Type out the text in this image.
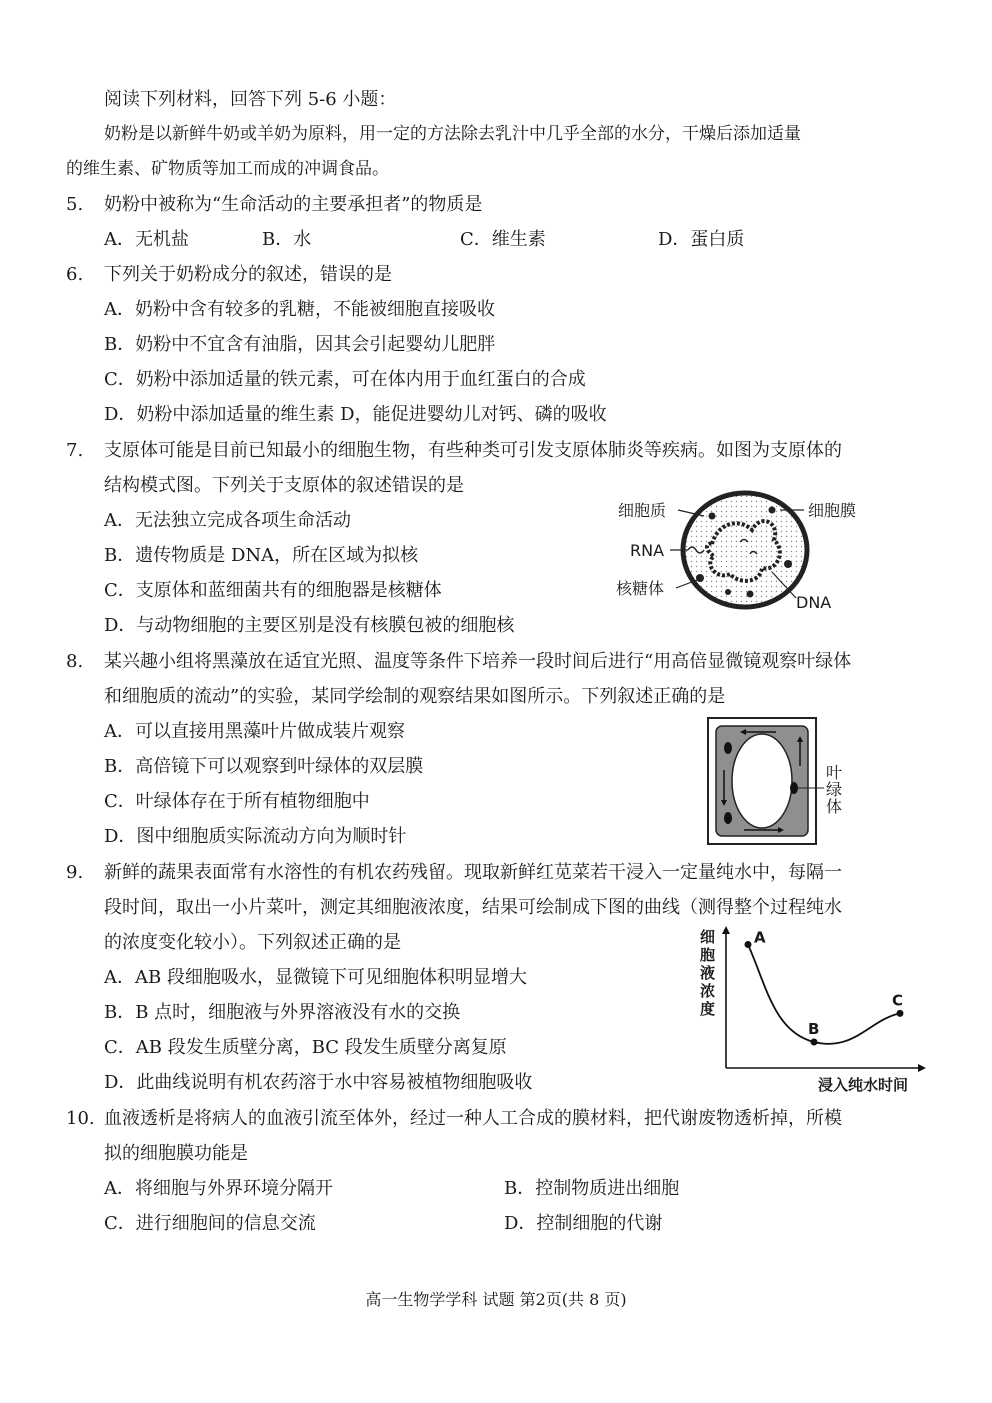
阅读下列材料，回答下列 5-6 小题：
奶粉是以新鲜牛奶或羊奶为原料，用一定的方法除去乳汁中几乎全部的水分，干燥后添加适量
的维生素、矿物质等加工而成的冲调食品。
5. 奶粉中被称为“生命活动的主要承担者”的物质是
A．无机盐	B．水	C．维生素	D．蛋白质
6. 下列关于奶粉成分的叙述，错误的是
A．奶粉中含有较多的乳糖，不能被细胞直接吸收
B．奶粉中不宜含有油脂，因其会引起婴幼儿肥胖
C．奶粉中添加适量的铁元素，可在体内用于血红蛋白的合成
D．奶粉中添加适量的维生素 D，能促进婴幼儿对钙、磷的吸收
7. 支原体可能是目前已知最小的细胞生物，有些种类可引发支原体肺炎等疾病。如图为支原体的
结构模式图。下列关于支原体的叙述错误的是
A．无法独立完成各项生命活动
B．遗传物质是 DNA，所在区域为拟核
C．支原体和蓝细菌共有的细胞器是核糖体
D．与动物细胞的主要区别是没有核膜包被的细胞核
细胞质	细胞膜
RNA
核糖体
DNA
8. 某兴趣小组将黑藻放在适宜光照、温度等条件下培养一段时间后进行“用高倍显微镜观察叶绿体
和细胞质的流动”的实验，某同学绘制的观察结果如图所示。下列叙述正确的是
A．可以直接用黑藻叶片做成装片观察
B．高倍镜下可以观察到叶绿体的双层膜
C．叶绿体存在于所有植物细胞中
D．图中细胞质实际流动方向为顺时针
叶
绿
体
9. 新鲜的蔬果表面常有水溶性的有机农药残留。现取新鲜红苋菜若干浸入一定量纯水中，每隔一
段时间，取出一小片菜叶，测定其细胞液浓度，结果可绘制成下图的曲线（测得整个过程纯水
的浓度变化较小）。下列叙述正确的是
A．AB 段细胞吸水，显微镜下可见细胞体积明显增大
B．B 点时，细胞液与外界溶液没有水的交换
C．AB 段发生质壁分离，BC 段发生质壁分离复原
D．此曲线说明有机农药溶于水中容易被植物细胞吸收
细
胞
液
浓
度
浸入纯水时间
A
B
C
10. 血液透析是将病人的血液引流至体外，经过一种人工合成的膜材料，把代谢废物透析掉，所模
拟的细胞膜功能是
A．将细胞与外界环境分隔开	B．控制物质进出细胞
C．进行细胞间的信息交流	D．控制细胞的代谢
高一生物学学科 试题 第2页(共 8 页)
